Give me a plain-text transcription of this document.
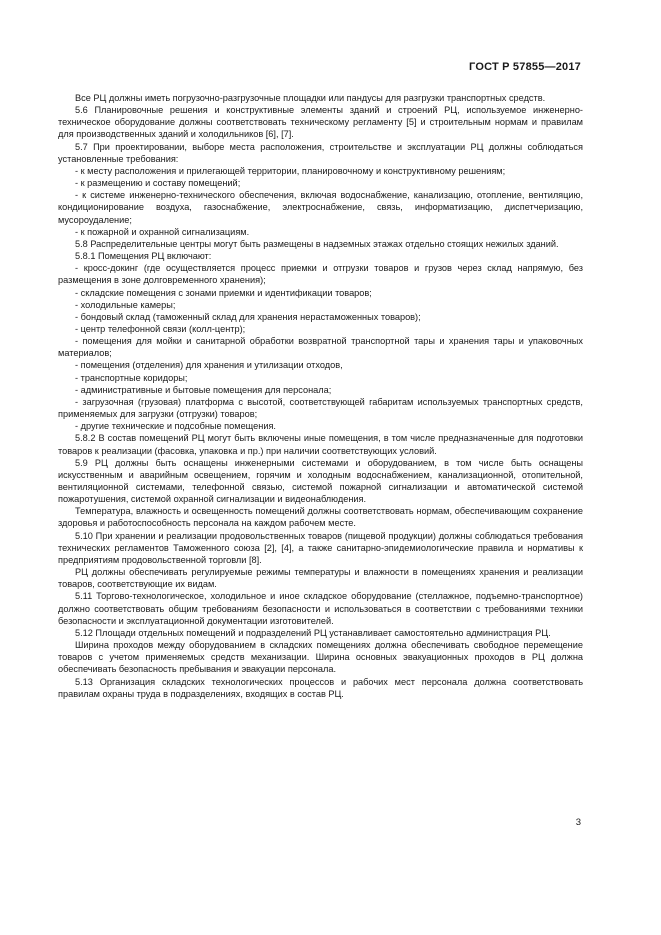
ГОСТ Р 57855—2017

Все РЦ должны иметь погрузочно-разгрузочные площадки или пандусы для разгрузки транспортных средств.

5.6 Планировочные решения и конструктивные элементы зданий и строений РЦ, используемое инженерно-техническое оборудование должны соответствовать техническому регламенту [5] и строительным нормам и правилам для производственных зданий и холодильников [6], [7].

5.7 При проектировании, выборе места расположения, строительстве и эксплуатации РЦ должны соблюдаться установленные требования:

- к месту расположения и прилегающей территории, планировочному и конструктивному решениям;

- к размещению и составу помещений;

- к системе инженерно-технического обеспечения, включая водоснабжение, канализацию, отопление, вентиляцию, кондиционирование воздуха, газоснабжение, электроснабжение, связь, информатизацию, диспетчеризацию, мусороудаление;

- к пожарной и охранной сигнализациям.

5.8 Распределительные центры могут быть размещены в надземных этажах отдельно стоящих нежилых зданий.

5.8.1 Помещения РЦ включают:

- кросс-докинг (где осуществляется процесс приемки и отгрузки товаров и грузов через склад напрямую, без размещения в зоне долговременного хранения);

- складские помещения с зонами приемки и идентификации товаров;

- холодильные камеры;

- бондовый склад (таможенный склад для хранения нерастаможенных товаров);

- центр телефонной связи (колл-центр);

- помещения для мойки и санитарной обработки возвратной транспортной тары и хранения тары и упаковочных материалов;

- помещения (отделения) для хранения и утилизации отходов,

- транспортные коридоры;

- административные и бытовые помещения для персонала;

- загрузочная (грузовая) платформа с высотой, соответствующей габаритам используемых транспортных средств, применяемых для загрузки (отгрузки) товаров;

- другие технические и подсобные помещения.

5.8.2 В состав помещений РЦ могут быть включены иные помещения, в том числе предназначенные для подготовки товаров к реализации (фасовка, упаковка и пр.) при наличии соответствующих условий.

5.9 РЦ должны быть оснащены инженерными системами и оборудованием, в том числе быть оснащены искусственным и аварийным освещением, горячим и холодным водоснабжением, канализационной, отопительной, вентиляционной системами, телефонной связью, системой пожарной сигнализации и автоматической системой пожаротушения, системой охранной сигнализации и видеонаблюдения.

Температура, влажность и освещенность помещений должны соответствовать нормам, обеспечивающим сохранение здоровья и работоспособность персонала на каждом рабочем месте.

5.10 При хранении и реализации продовольственных товаров (пищевой продукции) должны соблюдаться требования технических регламентов Таможенного союза [2], [4], а также санитарно-эпидемиологические правила и нормативы к предприятиям продовольственной торговли [8].

РЦ должны обеспечивать регулируемые режимы температуры и влажности в помещениях хранения и реализации товаров, соответствующие их видам.

5.11 Торгово-технологическое, холодильное и иное складское оборудование (стеллажное, подъемно-транспортное) должно соответствовать общим требованиям безопасности и использоваться в соответствии с требованиями техники безопасности и эксплуатационной документации изготовителей.

5.12 Площади отдельных помещений и подразделений РЦ устанавливает самостоятельно администрация РЦ.

Ширина проходов между оборудованием в складских помещениях должна обеспечивать свободное перемещение товаров с учетом применяемых средств механизации. Ширина основных эвакуационных проходов в РЦ должна обеспечивать безопасность пребывания и эвакуации персонала.

5.13 Организация складских технологических процессов и рабочих мест персонала должна соответствовать правилам охраны труда в подразделениях, входящих в состав РЦ.

3
